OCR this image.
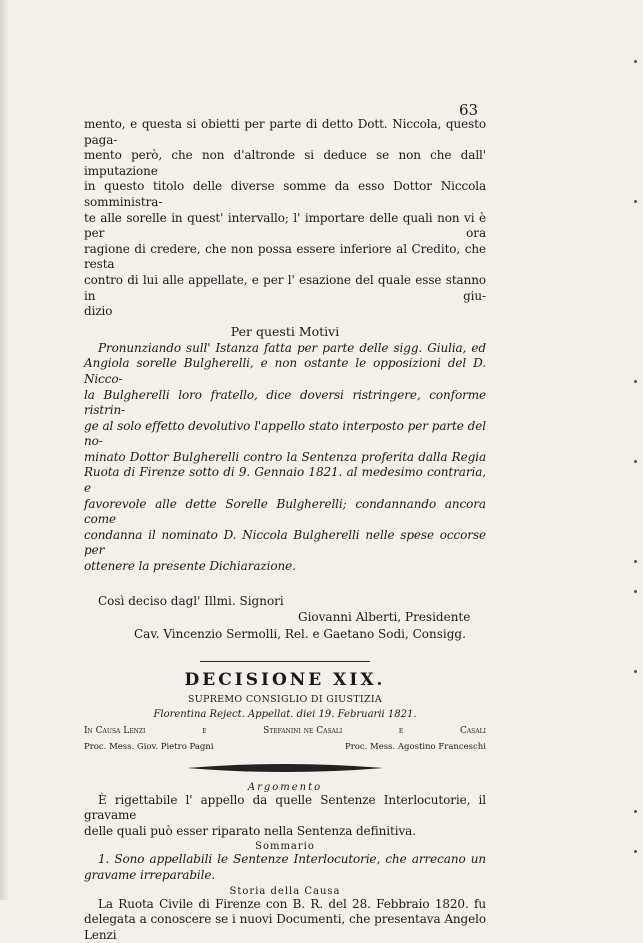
63

mento, e questa si obietti per parte di detto Dott. Niccola, questo paga-

mento però, che non d'altronde si deduce se non che dall' imputazione

in questo titolo delle diverse somme da esso Dottor Niccola somministra-

te alle sorelle in quest' intervallo; l' importare delle quali non vi è per ora

ragione di credere, che non possa essere inferiore al Credito, che resta

contro di lui alle appellate, e per l' esazione del quale esse stanno in giu-

dizio

Per questi Motivi

Pronunziando sull' Istanza fatta per parte delle sigg. Giulia, ed

Angiola sorelle Bulgherelli, e non ostante le opposizioni del D. Nicco-

la Bulgherelli loro fratello, dice doversi ristringere, conforme ristrin-

ge al solo effetto devolutivo l'appello stato interposto per parte del no-

minato Dottor Bulgherelli contro la Sentenza proferita dalla Regia

Ruota di Firenze sotto di 9. Gennaio 1821. al medesimo contraria, e

favorevole alle dette Sorelle Bulgherelli; condannando ancora come

condanna il nominato D. Niccola Bulgherelli nelle spese occorse per

ottenere la presente Dichiarazione.

Così deciso dagl' Illmi. Signori

Giovanni Alberti, Presidente

Cav. Vincenzio Sermolli, Rel. e Gaetano Sodi, Consigg.

DECISIONE XIX.

SUPREMO CONSIGLIO DI GIUSTIZIA

Florentina Reject. Appellat. diei 19. Februarii 1821.

In Causa Lenzi	e	Stefanini ne Casali	e	Casali
Proc. Mess. Giov. Pietro Pagni	Proc. Mess. Agostino Franceschi

Argomento

È rigettabile l' appello da quelle Sentenze Interlocutorie, il gravame

delle quali può esser riparato nella Sentenza definitiva.

Sommario

1. Sono appellabili le Sentenze Interlocutorie, che arrecano un

gravame irreparabile.

Storia della Causa

La Ruota Civile di Firenze con B. R. del 28. Febbraio 1820. fu

delegata a conoscere se i nuovi Documenti, che presentava Angelo Lenzi
